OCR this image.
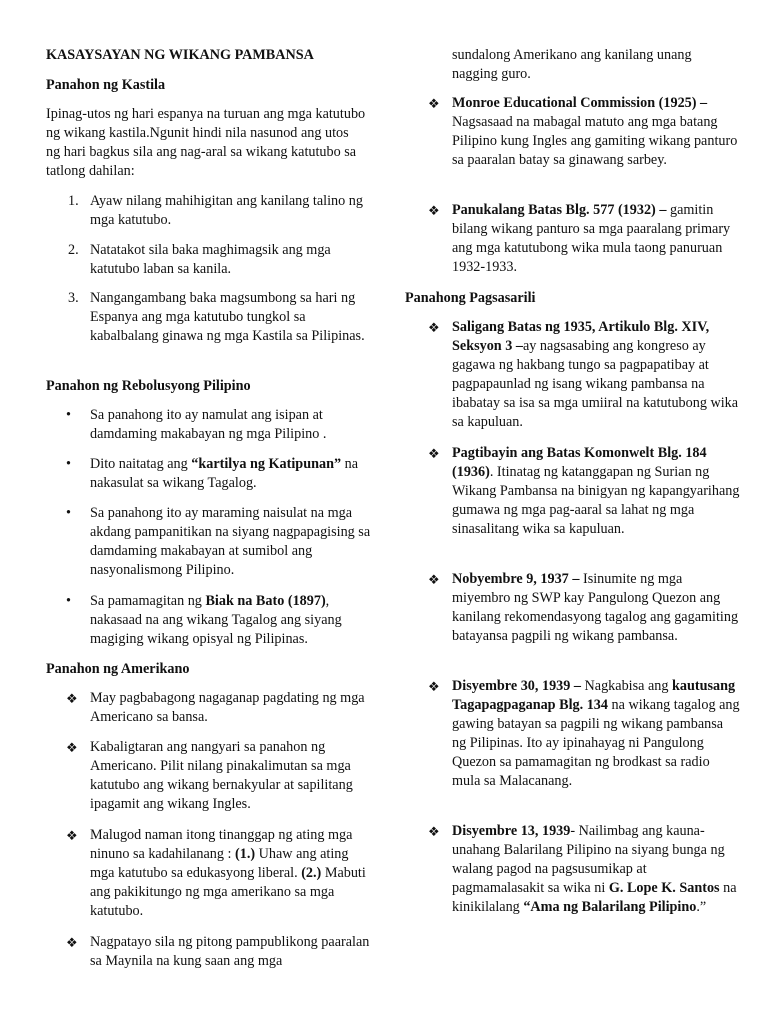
KASAYSAYAN NG WIKANG PAMBANSA
Panahon ng Kastila
Ipinag-utos ng hari espanya na turuan ang mga katutubo ng wikang kastila.Ngunit hindi nila nasunod ang utos ng hari bagkus sila ang nag-aral sa wikang katutubo sa tatlong dahilan:
1. Ayaw nilang mahihigitan ang kanilang talino ng mga katutubo.
2. Natatakot sila baka maghimagsik ang mga katutubo laban sa kanila.
3. Nangangambang baka magsumbong sa hari ng Espanya ang mga katutubo tungkol sa kabalbalang ginawa ng mga Kastila sa Pilipinas.
Panahon ng Rebolusyong Pilipino
• Sa panahong ito ay namulat ang isipan at damdaming makabayan ng mga Pilipino .
• Dito naitatag ang “kartilya ng Katipunan” na nakasulat sa wikang Tagalog.
• Sa panahong ito ay maraming naisulat na mga akdang pampanitikan na siyang nagpapagising sa damdaming makabayan at sumibol ang nasyonalismong Pilipino.
• Sa pamamagitan ng Biak na Bato (1897), nakasaad na ang wikang Tagalog ang siyang magiging wikang opisyal ng Pilipinas.
Panahon ng Amerikano
❖ May pagbabagong nagaganap pagdating ng mga Americano sa bansa.
❖ Kabaligtaran ang nangyari sa panahon ng Americano. Pilit nilang pinakalimutan sa mga katutubo ang wikang bernakyular at sapilitang ipagamit ang wikang Ingles.
❖ Malugod naman itong tinanggap ng ating mga ninuno sa kadahilanang : (1.) Uhaw ang ating mga katutubo sa edukasyong liberal. (2.) Mabuti ang pakikitungo ng mga amerikano sa mga katutubo.
❖ Nagpatayo sila ng pitong pampublikong paaralan sa Maynila na kung saan ang mga
sundalong Amerikano ang kanilang unang nagging guro.
❖ Monroe Educational Commission (1925) – Nagsasaad na mabagal matuto ang mga batang Pilipino kung Ingles ang gamiting wikang panturo sa paaralan batay sa ginawang sarbey.
❖ Panukalang Batas Blg. 577 (1932) – gamitin bilang wikang panturo sa mga paaralang primary ang mga katutubong wika mula taong panuruan 1932-1933.
Panahong Pagsasarili
❖ Saligang Batas ng 1935, Artikulo Blg. XIV, Seksyon 3 –ay nagsasabing ang kongreso ay gagawa ng hakbang tungo sa pagpapatibay at pagpapaunlad ng isang wikang pambansa na ibabatay sa isa sa mga umiiral na katutubong wika sa kapuluan.
❖ Pagtibayin ang Batas Komonwelt Blg. 184 (1936). Itinatag ng katanggapan ng Surian ng Wikang Pambansa na binigyan ng kapangyarihang gumawa ng mga pag-aaral sa lahat ng mga sinasalitang wika sa kapuluan.
❖ Nobyembre 9, 1937 – Isinumite ng mga miyembro ng SWP kay Pangulong Quezon ang kanilang rekomendasyong tagalog ang gagamiting batayansa pagpili ng wikang pambansa.
❖ Disyembre 30, 1939 – Nagkabisa ang kautusang Tagapagpaganap Blg. 134 na wikang tagalog ang gawing batayan sa pagpili ng wikang pambansa ng Pilipinas. Ito ay ipinahayag ni Pangulong Quezon sa pamamagitan ng brodkast sa radio mula sa Malacanang.
❖ Disyembre 13, 1939- Nailimbag ang kauna-unahang Balarilang Pilipino na siyang bunga ng walang pagod na pagsusumikap at pagmamalasakit sa wika ni G. Lope K. Santos na kinikilalang “Ama ng Balarilang Pilipino.”
